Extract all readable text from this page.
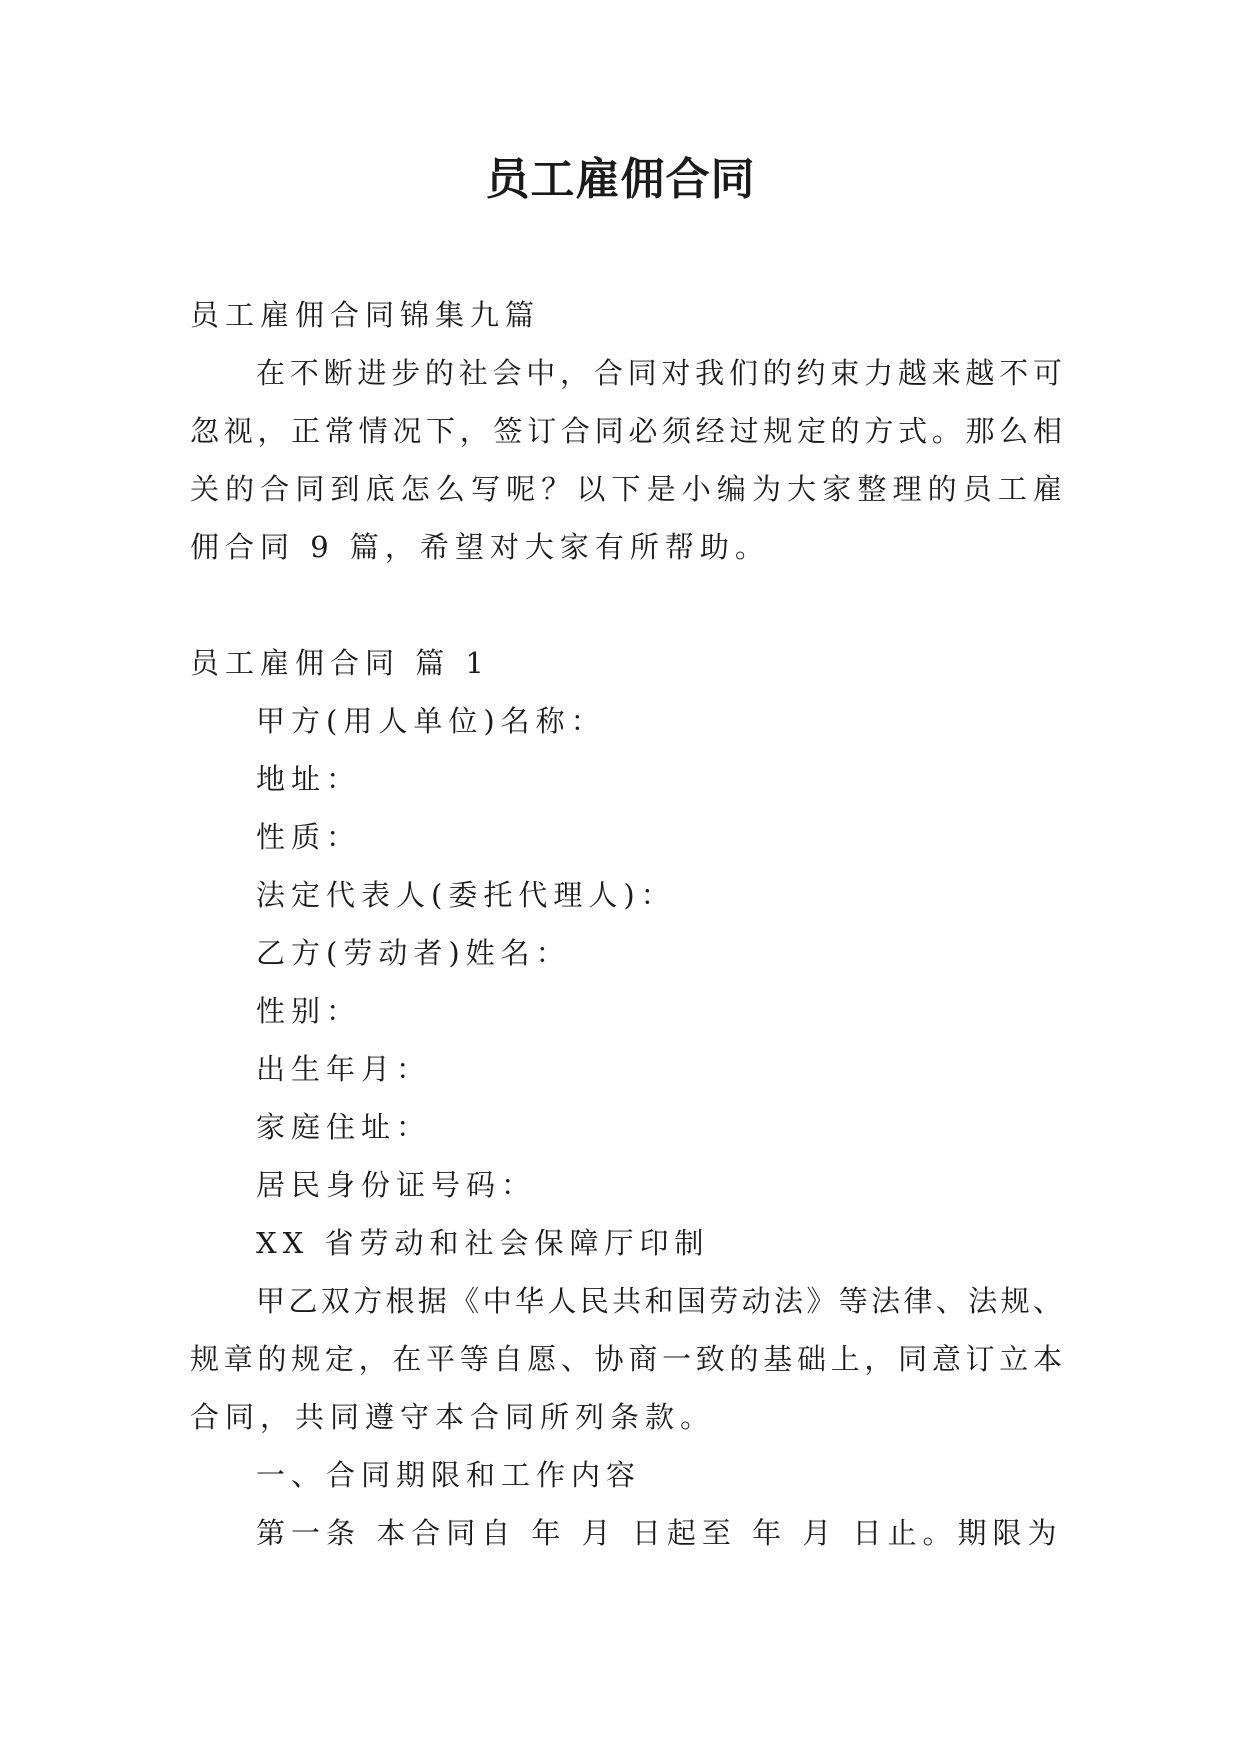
员工雇佣合同
员工雇佣合同锦集九篇
在不断进步的社会中，合同对我们的约束力越来越不可
忽视，正常情况下，签订合同必须经过规定的方式。那么相
关的合同到底怎么写呢？以下是小编为大家整理的员工雇
佣合同 9 篇，希望对大家有所帮助。
员工雇佣合同 篇 1
甲方(用人单位)名称：
地址：
性质：
法定代表人(委托代理人)：
乙方(劳动者)姓名：
性别：
出生年月：
家庭住址：
居民身份证号码：
XX 省劳动和社会保障厅印制
甲乙双方根据《中华人民共和国劳动法》等法律、法规、
规章的规定，在平等自愿、协商一致的基础上，同意订立本
合同，共同遵守本合同所列条款。
一、合同期限和工作内容
第一条 本合同自 年 月 日起至 年 月 日止。期限为
